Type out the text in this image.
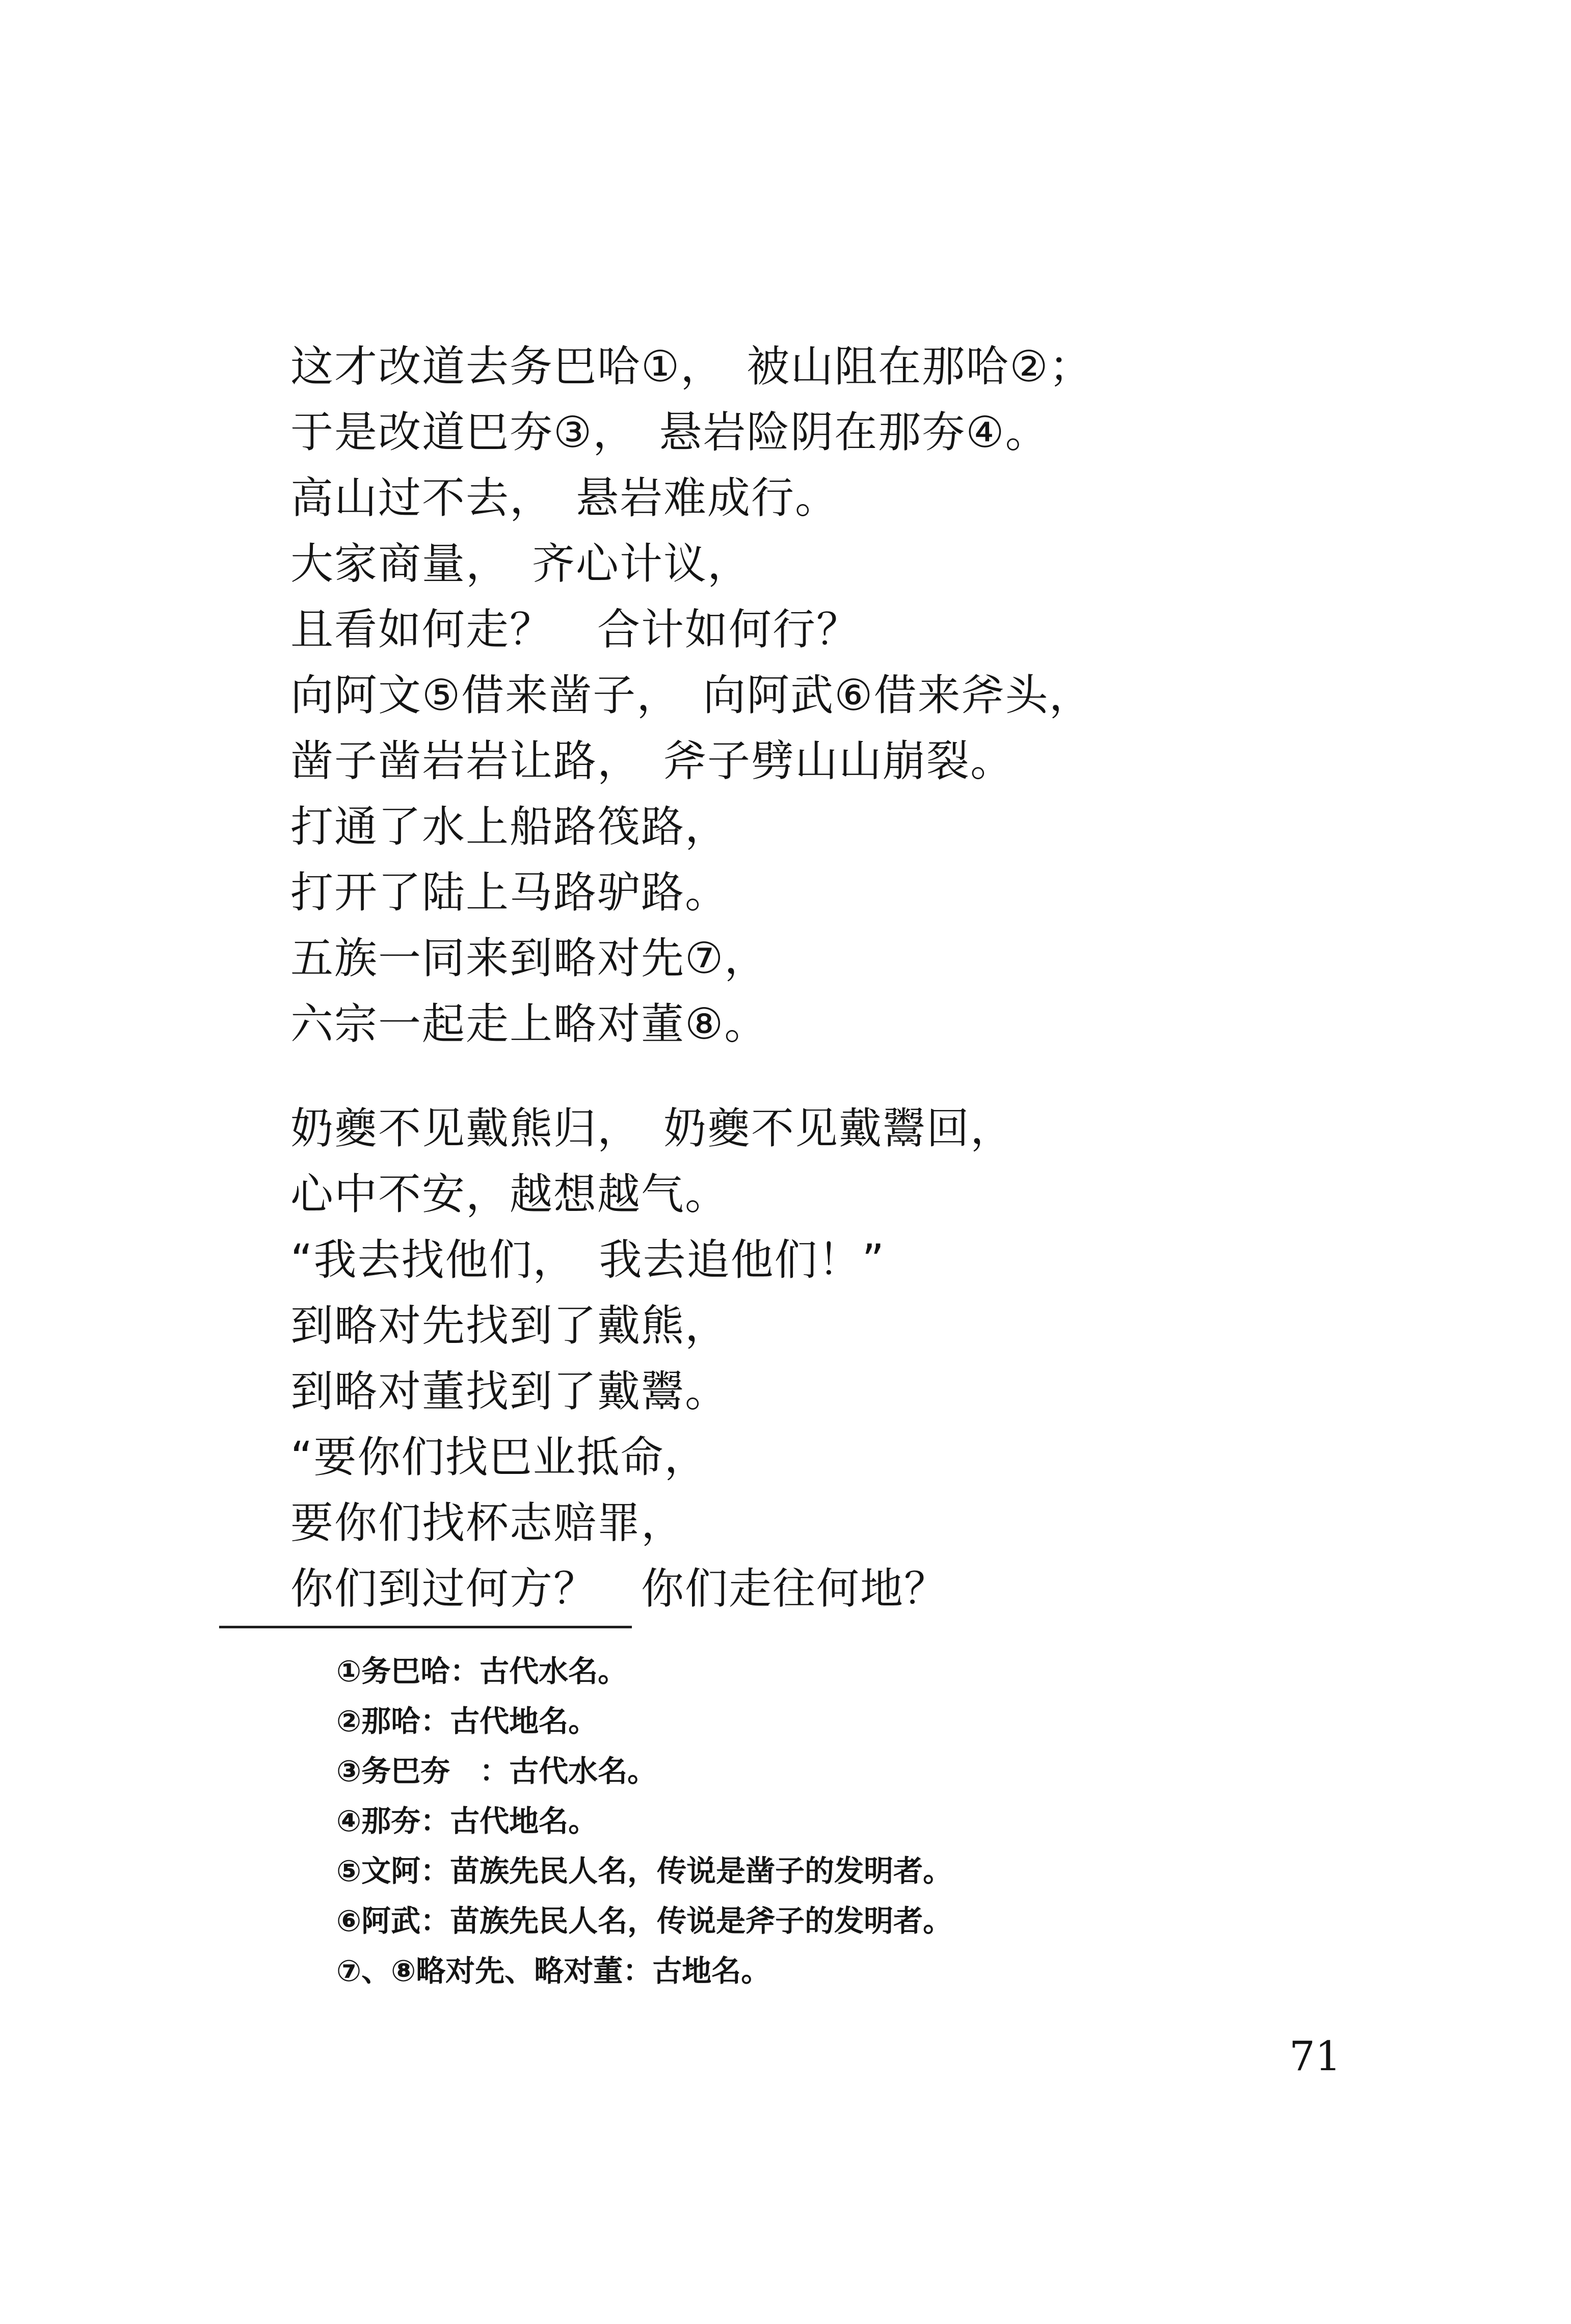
这才改道去务巴哈①，　被山阻在那哈②；
于是改道巴夯③，　悬岩险阴在那夯④。
高山过不去，　悬岩难成行。
大家商量，　齐心计议，
且看如何走？　合计如何行？
向阿文⑤借来凿子，　向阿武⑥借来斧头，
凿子凿岩岩让路，　斧子劈山山崩裂。
打通了水上船路筏路，
打开了陆上马路驴路。
五族一同来到略对先⑦，
六宗一起走上略对董⑧。
奶夔不见戴熊归，　奶夔不见戴鬻回，
心中不安，越想越气。
“我去找他们，　我去追他们！”
到略对先找到了戴熊，
到略对董找到了戴鬻。
“要你们找巴业抵命，
要你们找杯志赔罪，
你们到过何方？　你们走往何地？
①务巴哈：古代水名。
②那哈：古代地名。
③务巴夯　：古代水名。
④那夯：古代地名。
⑤文阿：苗族先民人名，传说是凿子的发明者。
⑥阿武：苗族先民人名，传说是斧子的发明者。
⑦、⑧略对先、略对董：古地名。
71
